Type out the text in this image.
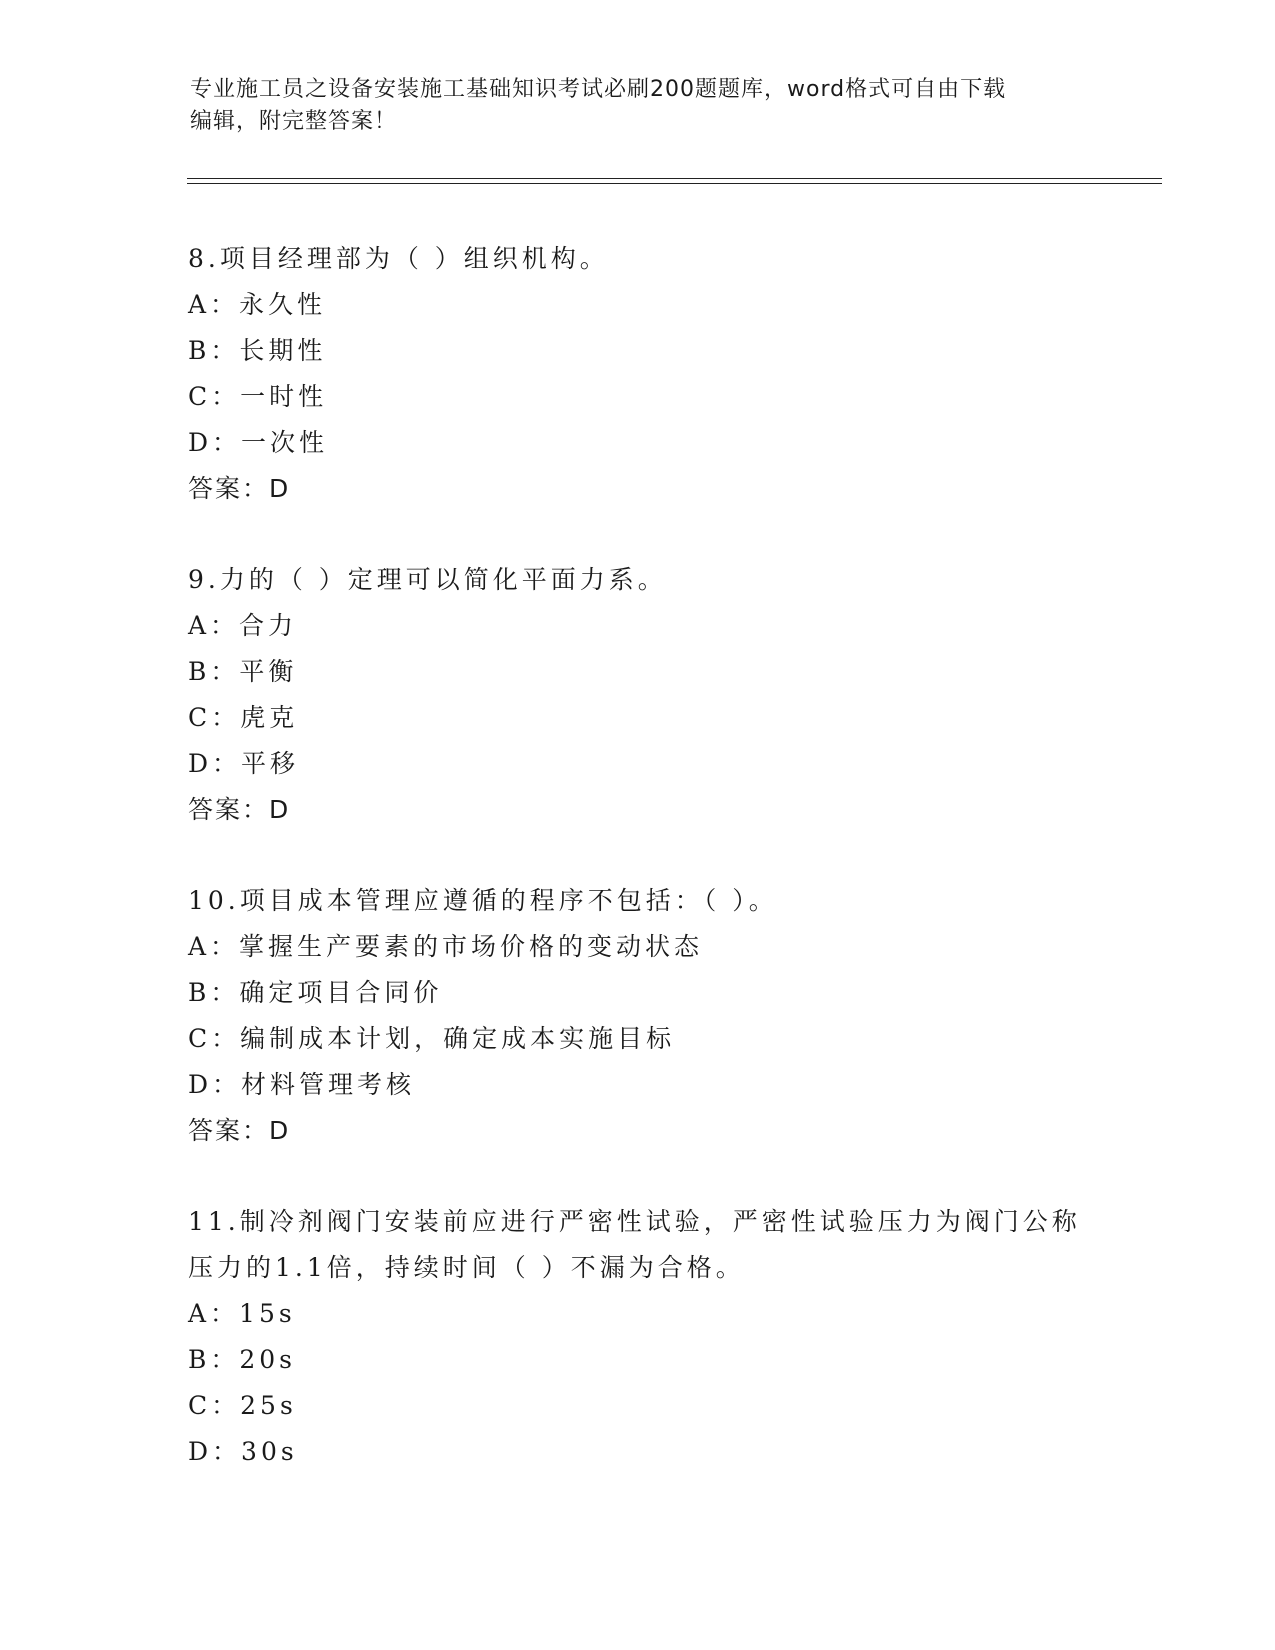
专业施工员之设备安装施工基础知识考试必刷200题题库，word格式可自由下载
编辑，附完整答案！
8.项目经理部为（ ）组织机构。
A：永久性
B：长期性
C：一时性
D：一次性
答案：D
9.力的（ ）定理可以简化平面力系。
A：合力
B：平衡
C：虎克
D：平移
答案：D
10.项目成本管理应遵循的程序不包括：（ ）。
A：掌握生产要素的市场价格的变动状态
B：确定项目合同价
C：编制成本计划，确定成本实施目标
D：材料管理考核
答案：D
11.制冷剂阀门安装前应进行严密性试验，严密性试验压力为阀门公称
压力的1.1倍，持续时间（ ）不漏为合格。
A：15s
B：20s
C：25s
D：30s
